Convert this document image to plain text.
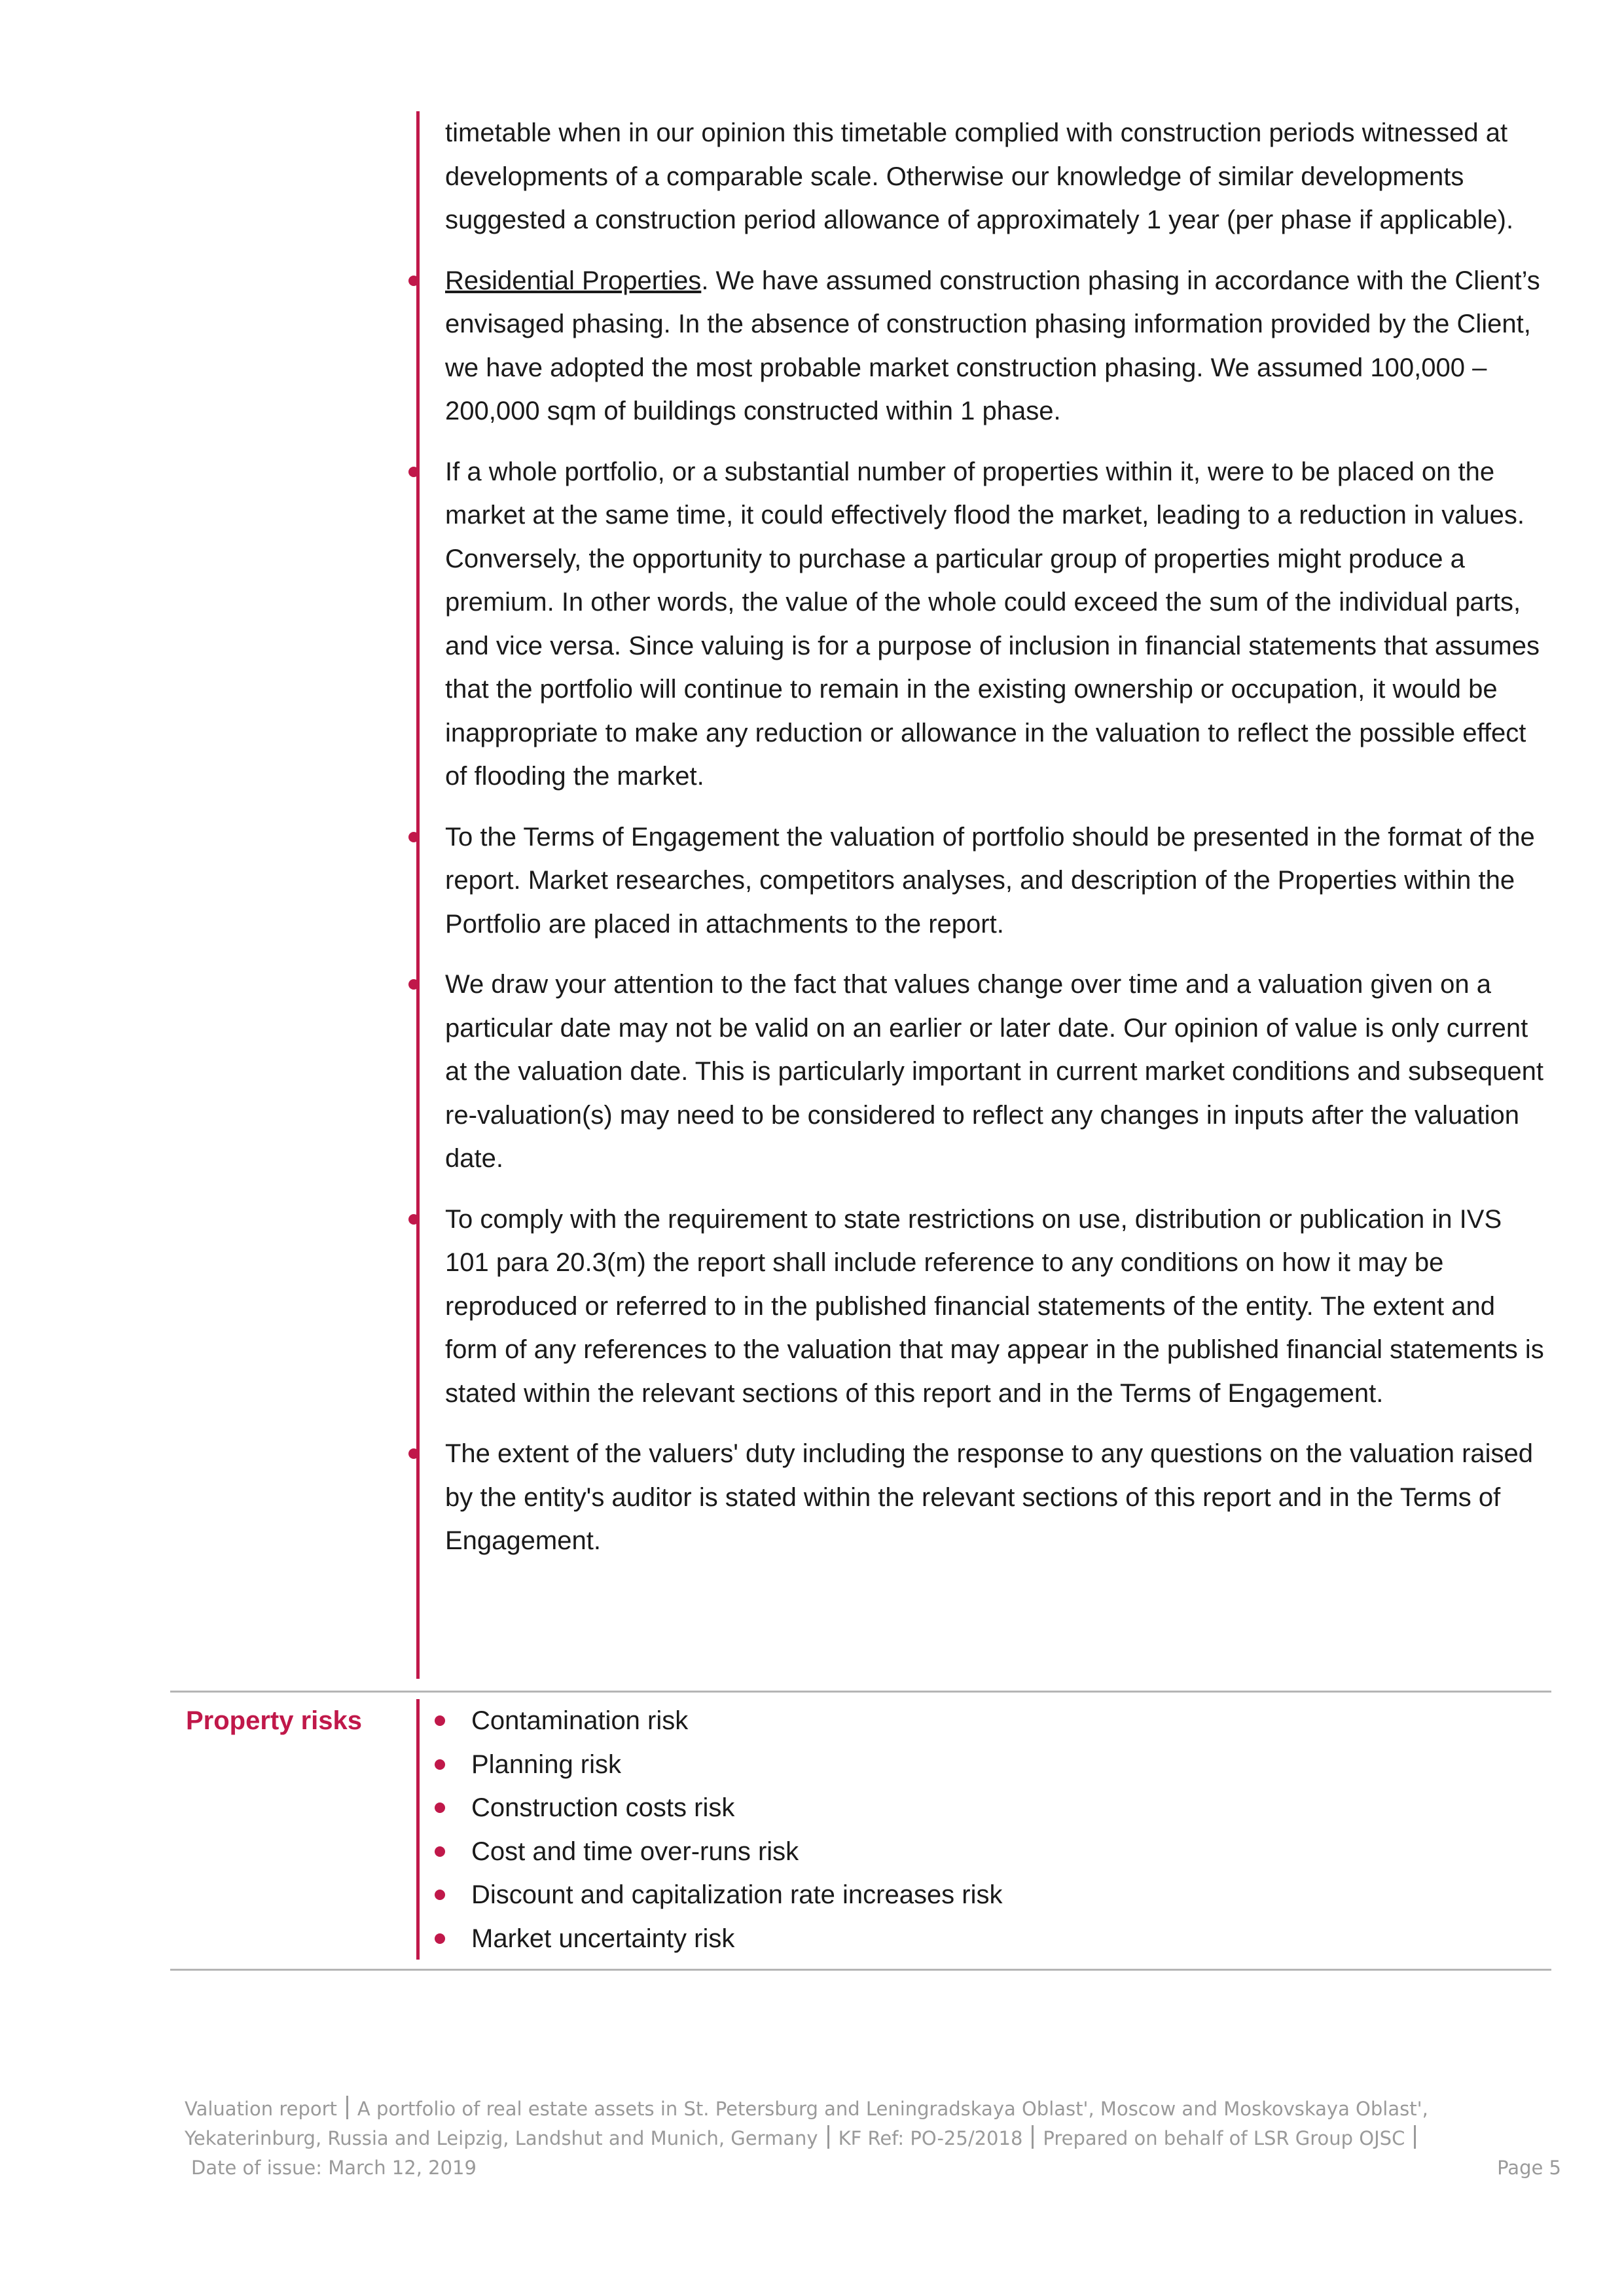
timetable when in our opinion this timetable complied with construction periods witnessed at developments of a comparable scale. Otherwise our knowledge of similar developments suggested a construction period allowance of approximately 1 year (per phase if applicable).

Residential Properties. We have assumed construction phasing in accordance with the Client’s envisaged phasing. In the absence of construction phasing information provided by the Client, we have adopted the most probable market construction phasing. We assumed 100,000 – 200,000 sqm of buildings constructed within 1 phase.
If a whole portfolio, or a substantial number of properties within it, were to be placed on the market at the same time, it could effectively flood the market, leading to a reduction in values. Conversely, the opportunity to purchase a particular group of properties might produce a premium. In other words, the value of the whole could exceed the sum of the individual parts, and vice versa. Since valuing is for a purpose of inclusion in financial statements that assumes that the portfolio will continue to remain in the existing ownership or occupation, it would be inappropriate to make any reduction or allowance in the valuation to reflect the possible effect of flooding the market.
To the Terms of Engagement the valuation of portfolio should be presented in the format of the report. Market researches, competitors analyses, and description of the Properties within the Portfolio are placed in attachments to the report.
We draw your attention to the fact that values change over time and a valuation given on a particular date may not be valid on an earlier or later date. Our opinion of value is only current at the valuation date. This is particularly important in current market conditions and subsequent re-valuation(s) may need to be considered to reflect any changes in inputs after the valuation date.
To comply with the requirement to state restrictions on use, distribution or publication in IVS 101 para 20.3(m) the report shall include reference to any conditions on how it may be reproduced or referred to in the published financial statements of the entity. The extent and form of any references to the valuation that may appear in the published financial statements is stated within the relevant sections of this report and in the Terms of Engagement.
The extent of the valuers' duty including the response to any questions on the valuation raised by the entity's auditor is stated within the relevant sections of this report and in the Terms of Engagement.
Property risks	Contamination risk
Planning risk
Construction costs risk
Cost and time over-runs risk
Discount and capitalization rate increases risk
Market uncertainty risk
Valuation report A portfolio of real estate assets in St. Petersburg and Leningradskaya Oblast', Moscow and Moskovskaya Oblast',
Yekaterinburg, Russia and Leipzig, Landshut and Munich, Germany KF Ref: PO-25/2018 Prepared on behalf of LSR Group OJSC
Date of issue: March 12, 2019	Page 5
